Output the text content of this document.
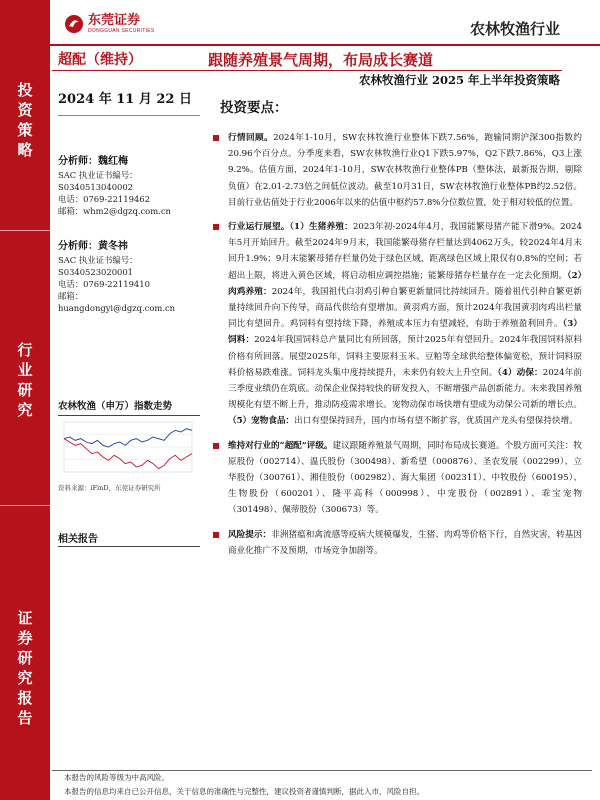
投
资
策
略
行
业
研
究
证
券
研
究
报
告
东莞证券
DONGGUAN SECURITIES	农林牧渔行业
超配（维持）	跟随养殖景气周期，布局成长赛道
农林牧渔行业 2025 年上半年投资策略
2024 年 11 月 22 日
分析师：魏红梅
SAC 执业证书编号：
S0340513040002
电话：0769-22119462
邮箱：whm2@dgzq.com.cn
分析师：黄冬祎
SAC 执业证书编号：
S0340523020001
电话：0769-22119410
邮箱：
huangdongyi@dgzq.com.cn
农林牧渔（申万）指数走势
资料来源：iFinD，东莞证券研究所
相关报告
投资要点：
行情回顾。2024年1-10月，SW农林牧渔行业整体下跌7.56%，跑输同期沪深300指数约20.96个百分点。分季度来看，SW农林牧渔行业Q1下跌5.97%，Q2下跌7.86%，Q3上涨9.2%。估值方面，2024年1-10月，SW农林牧渔行业整体PB（整体法，最新报告期，剔除负值）在2.01-2.73倍之间低位波动。截至10月31日，SW农林牧渔行业整体PB约2.52倍。目前行业估值处于行业2006年以来的估值中枢约57.8%分位数位置，处于相对较低的位置。
行业运行展望。（1）生猪养殖：2023年初-2024年4月，我国能繁母猪产能下滑9%。2024年5月开始回升。截至2024年9月末，我国能繁母猪存栏量达到4062万头，较2024年4月末回升1.9%；9月末能繁母猪存栏量仍处于绿色区域，距离绿色区域上限仅有0.8%的空间；若超出上限，将进入黄色区域，将启动相应调控措施；能繁母猪存栏量存在一定去化预期。（2）肉鸡养殖：2024年，我国祖代白羽鸡引种自繁更新量同比持续回升。随着祖代引种自繁更新量持续回升向下传导，商品代供给有望增加。黄羽鸡方面，预计2024年我国黄羽肉鸡出栏量同比有望回升。鸡饲料有望持续下降，养殖成本压力有望减轻，有助于养殖盈利回升。（3）饲料：2024年我国饲料总产量同比有所回落，预计2025年有望回升。2024年我国饲料原料价格有所回落。展望2025年，饲料主要原料玉米、豆粕等全球供给整体偏宽松，预计饲料原料价格易跌难涨。饲料龙头集中度持续提升，未来仍有较大上升空间。（4）动保：2024年前三季度业绩仍在筑底。动保企业保持较快的研发投入，不断增强产品创新能力。未来我国养殖规模化有望不断上升，推动防疫需求增长。宠物动保市场快增有望成为动保公司新的增长点。（5）宠物食品：出口有望保持回升，国内市场有望不断扩容，优质国产龙头有望保持快增。
维持对行业的“超配”评级。建议跟随养殖景气周期，同时布局成长赛道。个股方面可关注：牧原股份（002714）、温氏股份（300498）、新希望（000876）、圣农发展（002299）、立华股份（300761）、湘佳股份（002982）、海大集团（002311）、中牧股份（600195）、生物股份（600201）、隆平高科（000998）、中宠股份（002891）、乖宝宠物（301498）、佩蒂股份（300673）等。
风险提示：非洲猪瘟和禽流感等疫病大规模爆发，生猪、肉鸡等价格下行，自然灾害，转基因商业化推广不及预期，市场竞争加剧等。
本报告的风险等级为中高风险。
本报告的信息均来自已公开信息，关于信息的准确性与完整性，建议投资者谨慎判断，据此入市，风险自担。
